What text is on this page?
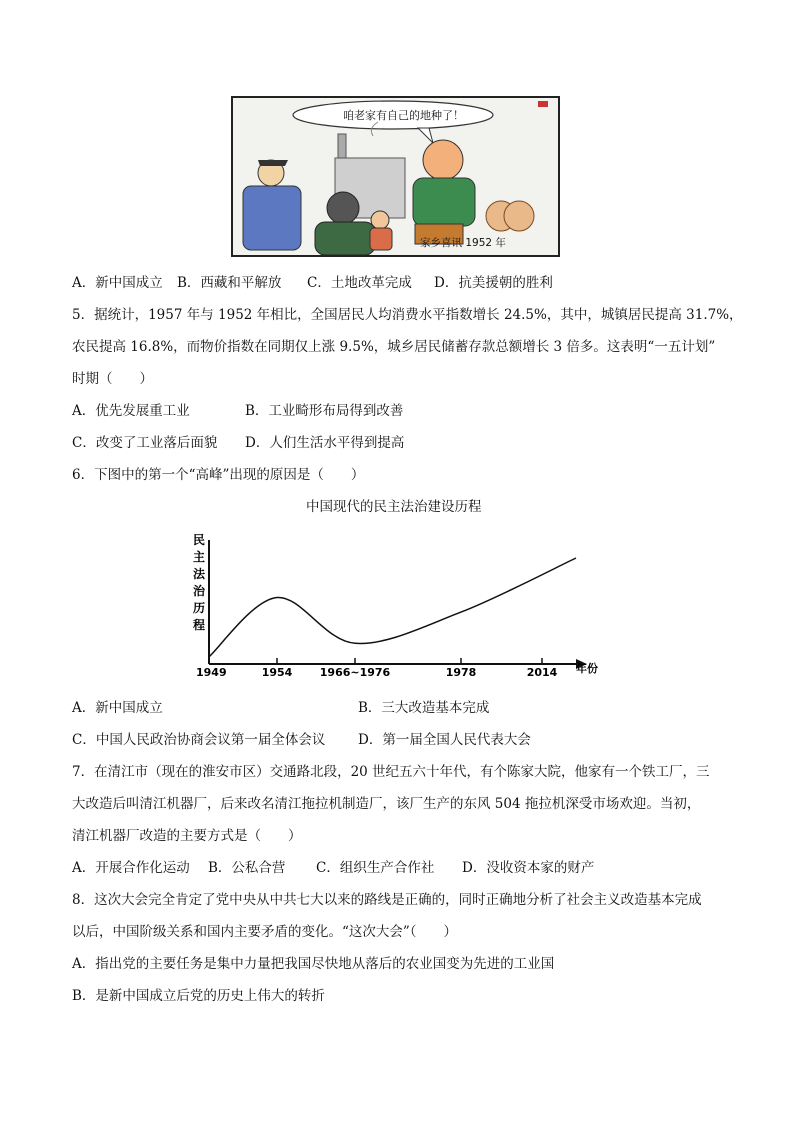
咱老家有自己的地种了！
家乡喜讯 1952 年
A．新中国成立 B．西藏和平解放 C．土地改革完成 D．抗美援朝的胜利
5．据统计，1957 年与 1952 年相比，全国居民人均消费水平指数增长 24.5%，其中，城镇居民提高 31.7%，
农民提高 16.8%，而物价指数在同期仅上涨 9.5%，城乡居民储蓄存款总额增长 3 倍多。这表明“一五计划”
时期（　　）
A．优先发展重工业	B．工业畸形布局得到改善
C．改变了工业落后面貌 D．人们生活水平得到提高
6．下图中的第一个“高峰”出现的原因是（　　）
中国现代的民主法治建设历程
民
主
法
治
历
程
年份
1949	1954 1966~1976	1978	2014
A．新中国成立	B．三大改造基本完成
C．中国人民政治协商会议第一届全体会议 D．第一届全国人民代表大会
7．在清江市（现在的淮安市区）交通路北段，20 世纪五六十年代，有个陈家大院，他家有一个铁工厂，三
大改造后叫清江机器厂，后来改名清江拖拉机制造厂，该厂生产的东风 504 拖拉机深受市场欢迎。当初，
清江机器厂改造的主要方式是（　　）
A．开展合作化运动 B．公私合营 C．组织生产合作社 D．没收资本家的财产
8．这次大会完全肯定了党中央从中共七大以来的路线是正确的，同时正确地分析了社会主义改造基本完成
以后，中国阶级关系和国内主要矛盾的变化。“这次大会”（　　）
A．指出党的主要任务是集中力量把我国尽快地从落后的农业国变为先进的工业国
B．是新中国成立后党的历史上伟大的转折
